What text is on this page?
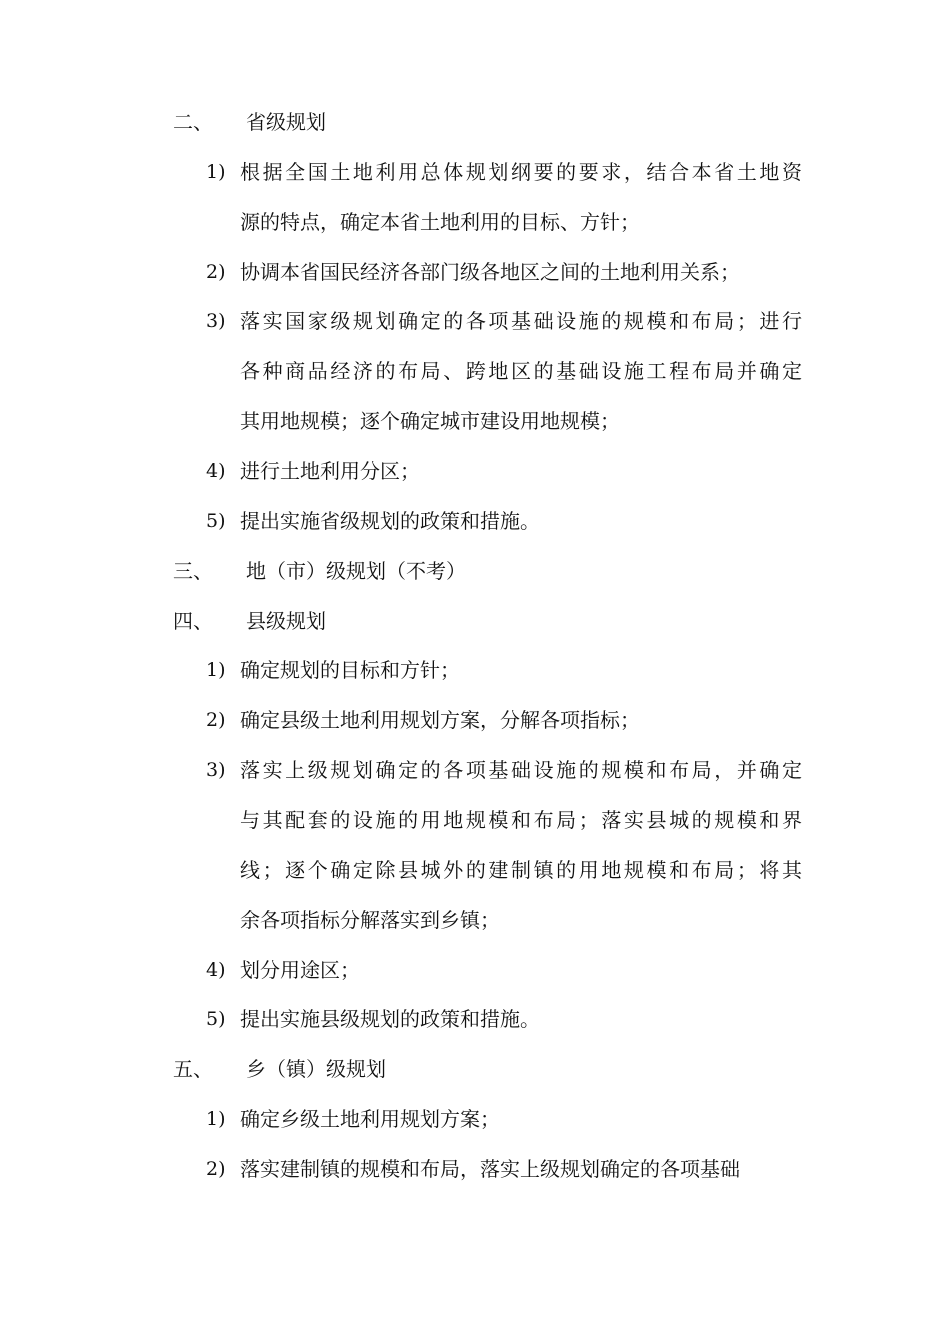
二、 省级规划
1) 根据全国土地利用总体规划纲要的要求，结合本省土地资
源的特点，确定本省土地利用的目标、方针；
2) 协调本省国民经济各部门级各地区之间的土地利用关系；
3) 落实国家级规划确定的各项基础设施的规模和布局；进行
各种商品经济的布局、跨地区的基础设施工程布局并确定
其用地规模；逐个确定城市建设用地规模；
4) 进行土地利用分区；
5) 提出实施省级规划的政策和措施。
三、 地（市）级规划（不考）
四、 县级规划
1) 确定规划的目标和方针；
2) 确定县级土地利用规划方案，分解各项指标；
3) 落实上级规划确定的各项基础设施的规模和布局，并确定
与其配套的设施的用地规模和布局；落实县城的规模和界
线；逐个确定除县城外的建制镇的用地规模和布局；将其
余各项指标分解落实到乡镇；
4) 划分用途区；
5) 提出实施县级规划的政策和措施。
五、 乡（镇）级规划
1) 确定乡级土地利用规划方案；
2) 落实建制镇的规模和布局，落实上级规划确定的各项基础
